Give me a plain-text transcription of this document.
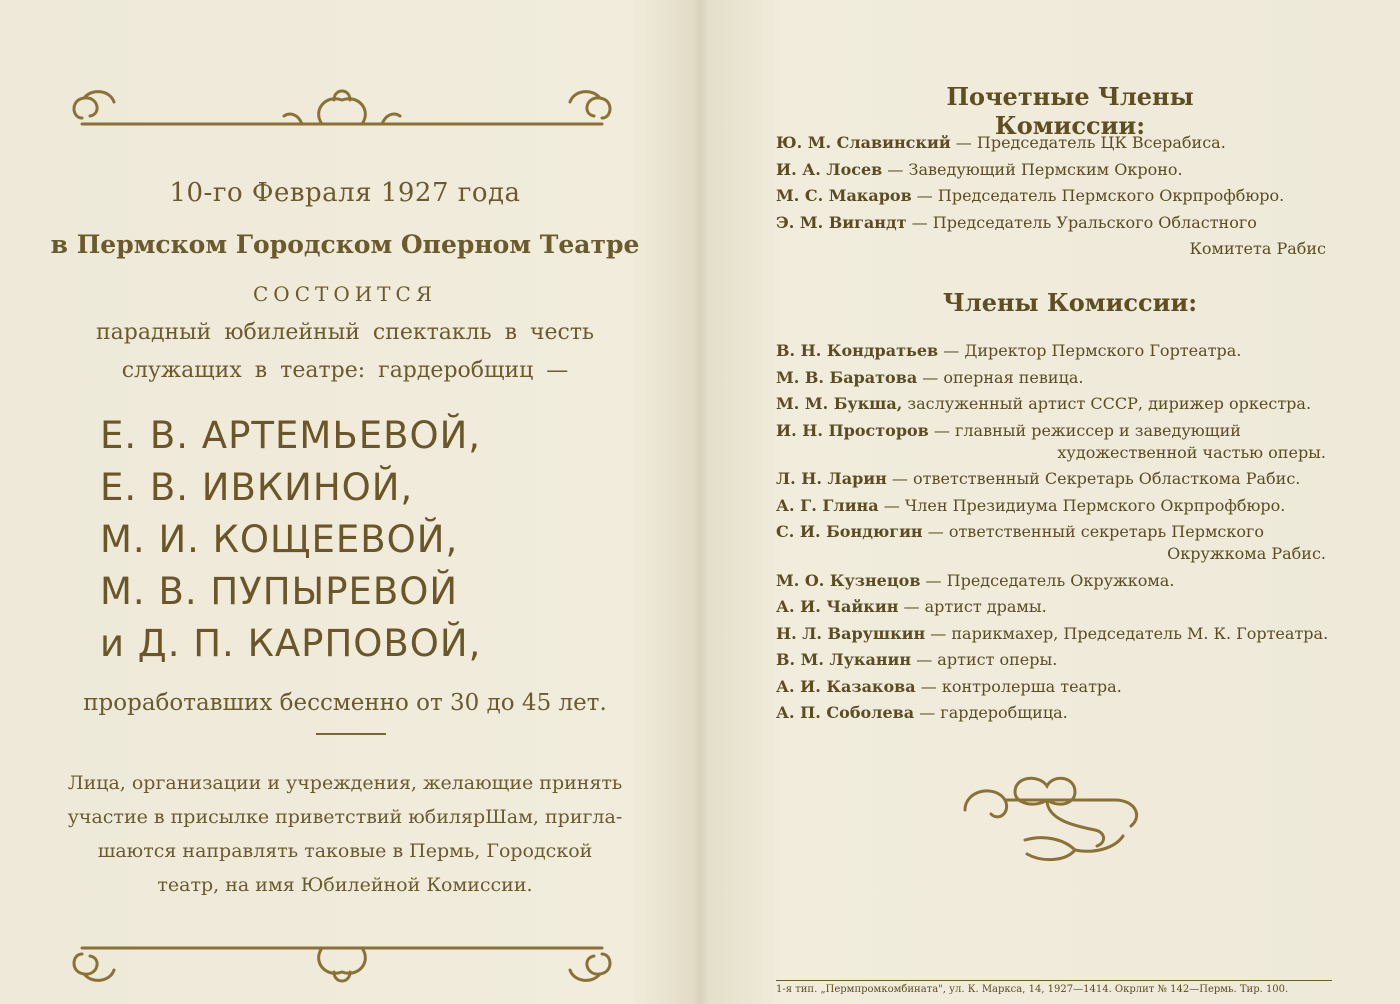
10-го Февраля 1927 года
в Пермском Городском Оперном Театре
СОСТОИТСЯ
парадный юбилейный спектакль в честь
служащих в театре: гардеробщиц —
Е. В. АРТЕМЬЕВОЙ,
Е. В. ИВКИНОЙ,
М. И. КОЩЕЕВОЙ,
М. В. ПУПЫРЕВОЙ
и Д. П. КАРПОВОЙ,
проработавших бессменно от 30 до 45 лет.
Лица, организации и учреждения, желающие принять
участие в присылке приветствий юбилярШам, пригла-
шаются направлять таковые в Пермь, Городской
театр, на имя Юбилейной Комиссии.
Почетные Члены Комиссии:
Ю. М. Славинский — Председатель ЦК Всерабиса.
И. А. Лосев — Заведующий Пермским Окроно.
М. С. Макаров — Председатель Пермского Окрпрофбюро.
Э. М. Вигандт — Председатель Уральского Областного
Комитета Рабис
Члены Комиссии:
В. Н. Кондратьев — Директор Пермского Гортеатра.
М. В. Баратова — оперная певица.
М. М. Букша, заслуженный артист СССР, дирижер оркестра.
И. Н. Просторов — главный режиссер и заведующий
художественной частью оперы.
Л. Н. Ларин — ответственный Секретарь Областкома Рабис.
А. Г. Глина — Член Президиума Пермского Окрпрофбюро.
С. И. Бондюгин — ответственный секретарь Пермского
Окружкома Рабис.
М. О. Кузнецов — Председатель Окружкома.
А. И. Чайкин — артист драмы.
Н. Л. Варушкин — парикмахер, Председатель М. К. Гортеатра.
В. М. Луканин — артист оперы.
А. И. Казакова — контролерша театра.
А. П. Соболева — гардеробщица.
1-я тип. „Пермпромкомбината", ул. К. Маркса, 14, 1927—1414. Окрлит № 142—Пермь. Тир. 100.
